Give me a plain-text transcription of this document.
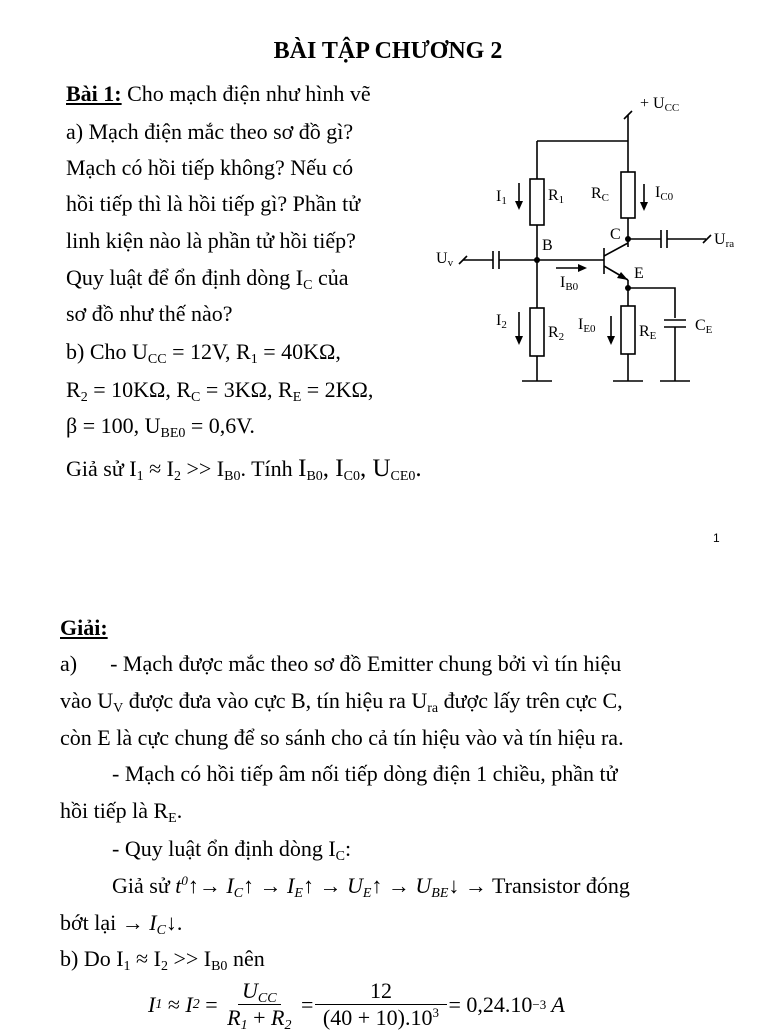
BÀI TẬP CHƯƠNG 2
Bài 1: Cho mạch điện như hình vẽ
a) Mạch điện mắc theo sơ đồ gì?
Mạch có hồi tiếp không? Nếu có
hồi tiếp thì là hồi tiếp gì? Phần tử
linh kiện nào là phần tử hồi tiếp?
Quy luật để ổn định dòng $I_C$ của
sơ đồ như thế nào?
b) Cho $U_{CC} = 12V$, $R_1 = 40K\Omega$,
$R_2 = 10K\Omega$, $R_C = 3K\Omega$, $R_E = 2K\Omega$,
β = 100, $U_{BE0} = 0,6V$.
Giả sử $I_1 \approx I_2 >> I_{B0}$. Tính $I_{B0}$, $I_{C0}$, $U_{CE0}$.
1
+ UCC
I1	R1 RC	IC0
C
B
Uv
Ura
IB0
E
I2	R2
IE0	RE
CE
Giải:
a)      - Mạch được mắc theo sơ đồ Emitter chung bởi vì tín hiệu
vào $U_V$ được đưa vào cực B, tín hiệu ra $U_{ra}$ được lấy trên cực C,
còn E là cực chung để so sánh cho cả tín hiệu vào và tín hiệu ra.
- Mạch có hồi tiếp âm nối tiếp dòng điện 1 chiều, phần tử
hồi tiếp là $R_E$.
- Quy luật ổn định dòng $I_C$:
Giả sử $t^0↑\to$ $I_C↑$ → $I_E↑$ → $U_E↑$ → $U_{BE}↓$ → Transistor đóng
bớt lại → $I_C↓$.
b) Do $I_1 \approx I_2 >> I_{B0}$ nên
I 1 ≈ I 2 =
$U_{CC}$
$R_1 + R_2$
= $\frac{12}{(40 + 10).10^3} = 0,24.10 -3$ A
